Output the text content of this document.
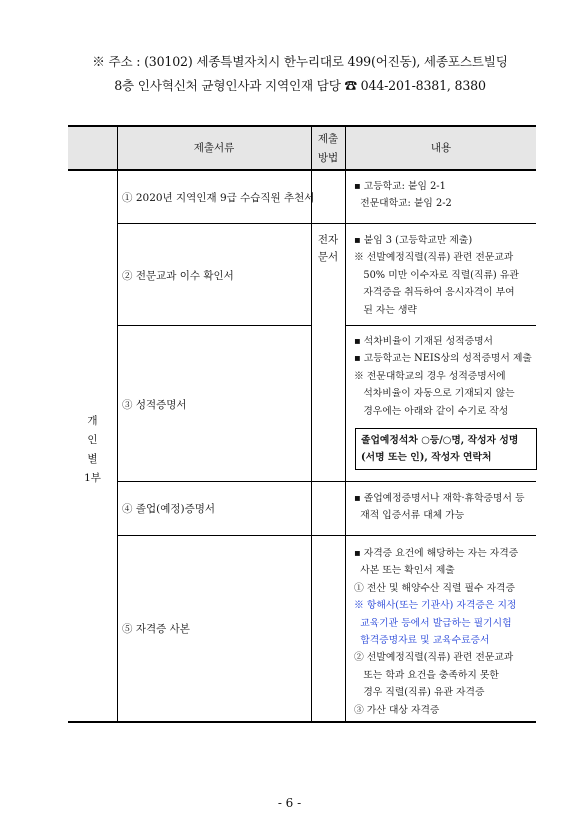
※ 주소 : (30102) 세종특별자치시 한누리대로 499(어진동), 세종포스트빌딩
8층 인사혁신처 균형인사과 지역인재 담당 ☎ 044-201-8381, 8380
제출서류
제출
방법
내용
개
인
별
1부
전자
문서
① 2020년 지역인재 9급 수습직원 추천서
② 전문교과 이수 확인서
③ 성적증명서
④ 졸업(예정)증명서
⑤ 자격증 사본

▪ 고등학교: 붙임 2-1

전문대학교: 붙임 2-2

▪ 붙임 3 (고등학교만 제출)

※ 선발예정직렬(직류) 관련 전문교과

50% 미만 이수자로 직렬(직류) 유관

자격증을 취득하여 응시자격이 부여

된 자는 생략

▪ 석차비율이 기재된 성적증명서

▪ 고등학교는 NEIS상의 성적증명서 제출

※ 전문대학교의 경우 성적증명서에

석차비율이 자동으로 기재되지 않는

경우에는 아래와 같이 수기로 작성

졸업예정석차 ○등/○명, 작성자 성명
(서명 또는 인), 작성자 연락처

▪ 졸업예정증명서나 재학·휴학증명서 등

재적 입증서류 대체 가능

▪ 자격증 요건에 해당하는 자는 자격증

사본 또는 확인서 제출

① 전산 및 해양수산 직렬 필수 자격증

※ 항해사(또는 기관사) 자격증은 지정

교육기관 등에서 발급하는 필기시험

합격증명자료 및 교육수료증서

② 선발예정직렬(직류) 관련 전문교과

또는 학과 요건을 충족하지 못한

경우 직렬(직류) 유관 자격증

③ 가산 대상 자격증

- 6 -
